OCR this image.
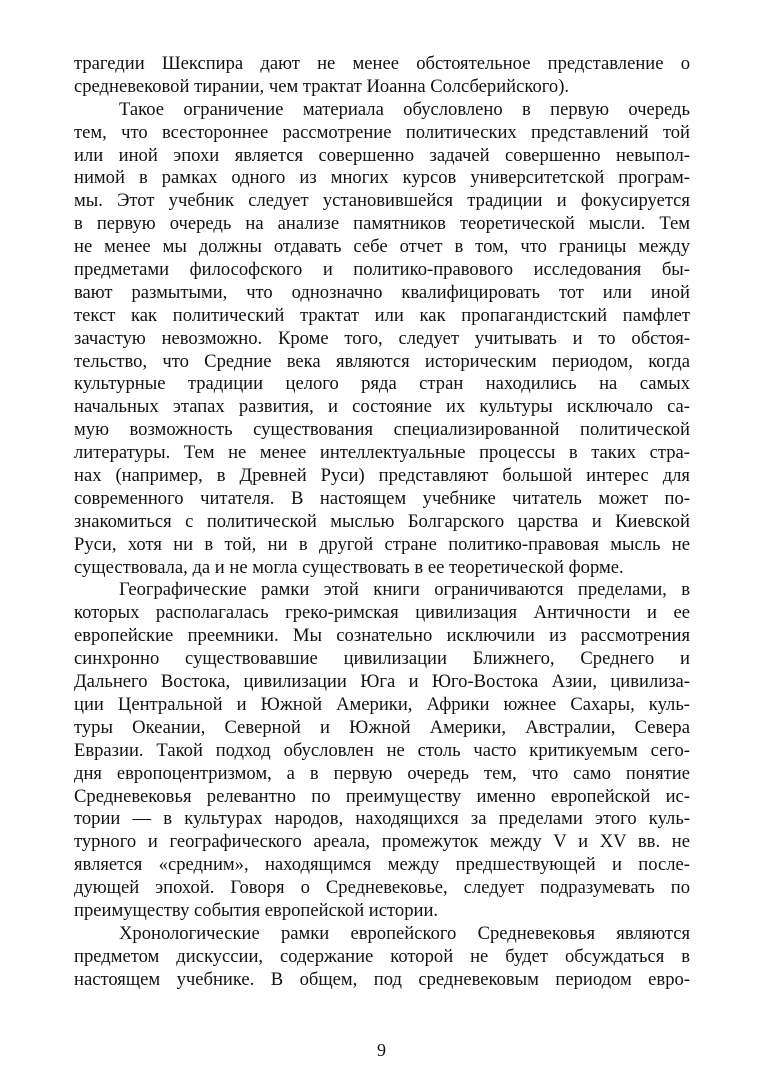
трагедии Шекспира дают не менее обстоятельное представление о
средневековой тирании, чем трактат Иоанна Солсберийского).

Такое ограничение материала обусловлено в первую очередь
тем, что всестороннее рассмотрение политических представлений той
или иной эпохи является совершенно задачей совершенно невыпол-
нимой в рамках одного из многих курсов университетской програм-
мы. Этот учебник следует установившейся традиции и фокусируется
в первую очередь на анализе памятников теоретической мысли. Тем
не менее мы должны отдавать себе отчет в том, что границы между
предметами философского и политико-правового исследования бы-
вают размытыми, что однозначно квалифицировать тот или иной
текст как политический трактат или как пропагандистский памфлет
зачастую невозможно. Кроме того, следует учитывать и то обстоя-
тельство, что Средние века являются историческим периодом, когда
культурные традиции целого ряда стран находились на самых
начальных этапах развития, и состояние их культуры исключало са-
мую возможность существования специализированной политической
литературы. Тем не менее интеллектуальные процессы в таких стра-
нах (например, в Древней Руси) представляют большой интерес для
современного читателя. В настоящем учебнике читатель может по-
знакомиться с политической мыслью Болгарского царства и Киевской
Руси, хотя ни в той, ни в другой стране политико-правовая мысль не
существовала, да и не могла существовать в ее теоретической форме.

Географические рамки этой книги ограничиваются пределами, в
которых располагалась греко-римская цивилизация Античности и ее
европейские преемники. Мы сознательно исключили из рассмотрения
синхронно существовавшие цивилизации Ближнего, Среднего и
Дальнего Востока, цивилизации Юга и Юго-Востока Азии, цивилиза-
ции Центральной и Южной Америки, Африки южнее Сахары, куль-
туры Океании, Северной и Южной Америки, Австралии, Севера
Евразии. Такой подход обусловлен не столь часто критикуемым сего-
дня европоцентризмом, а в первую очередь тем, что само понятие
Средневековья релевантно по преимуществу именно европейской ис-
тории — в культурах народов, находящихся за пределами этого куль-
турного и географического ареала, промежуток между V и XV вв. не
является «средним», находящимся между предшествующей и после-
дующей эпохой. Говоря о Средневековье, следует подразумевать по
преимуществу события европейской истории.

Хронологические рамки европейского Средневековья являются
предметом дискуссии, содержание которой не будет обсуждаться в
настоящем учебнике. В общем, под средневековым периодом евро-

9
